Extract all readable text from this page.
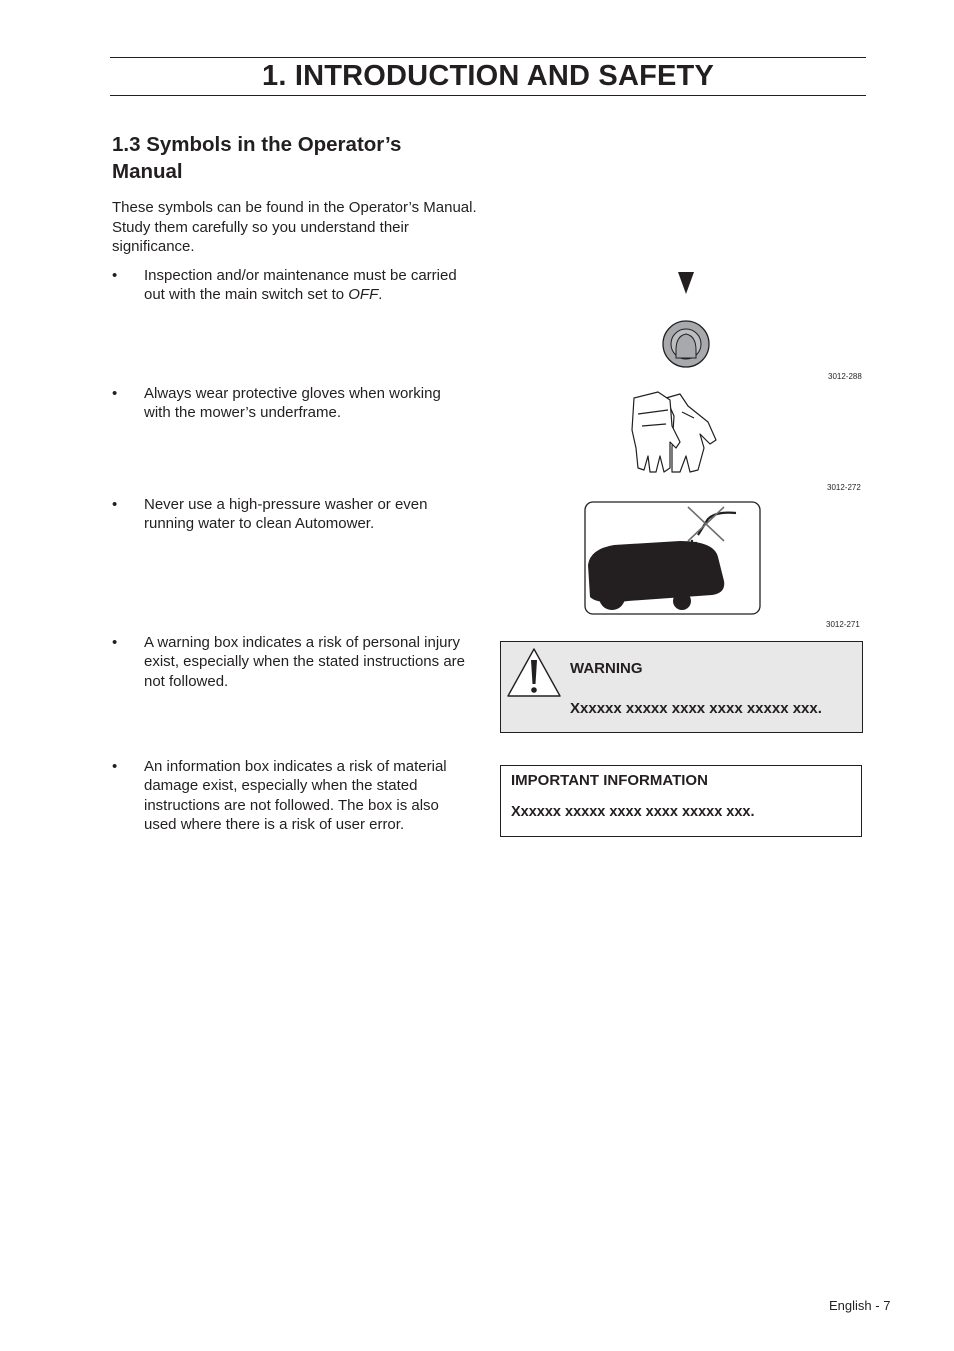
1. INTRODUCTION AND SAFETY
1.3 Symbols in the Operator’s
Manual
These symbols can be found in the Operator’s Manual.
Study them carefully so you understand their
significance.
• Inspection and/or maintenance must be carried
out with the main switch set to OFF.
• Always wear protective gloves when working
with the mower’s underframe.
• Never use a high-pressure washer or even
running water to clean Automower.
• A warning box indicates a risk of personal injury
exist, especially when the stated instructions are
not followed.
• An information box indicates a risk of material
damage exist, especially when the stated
instructions are not followed. The box is also
used where there is a risk of user error.
3012-288
3012-272
3012-271
WARNING
Xxxxxx xxxxx xxxx xxxx xxxxx xxx.
IMPORTANT INFORMATION
Xxxxxx xxxxx xxxx xxxx xxxxx xxx.
English - 7
